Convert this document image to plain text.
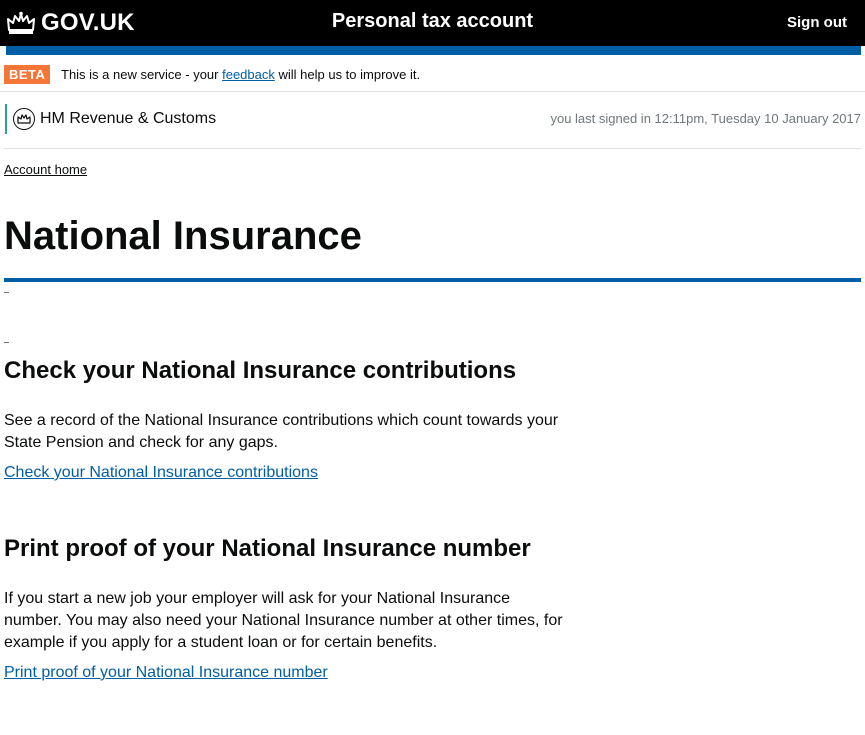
GOV.UK	Personal tax account	Sign out
BETA	This is a new service - your feedback will help us to improve it.
HM Revenue & Customs	you last signed in 12:11pm, Tuesday 10 January 2017
Account home
National Insurance
Check your National Insurance contributions

See a record of the National Insurance contributions which count towards your State Pension and check for any gaps.

Check your National Insurance contributions
Print proof of your National Insurance number

If you start a new job your employer will ask for your National Insurance number. You may also need your National Insurance number at other times, for example if you apply for a student loan or for certain benefits.

Print proof of your National Insurance number
